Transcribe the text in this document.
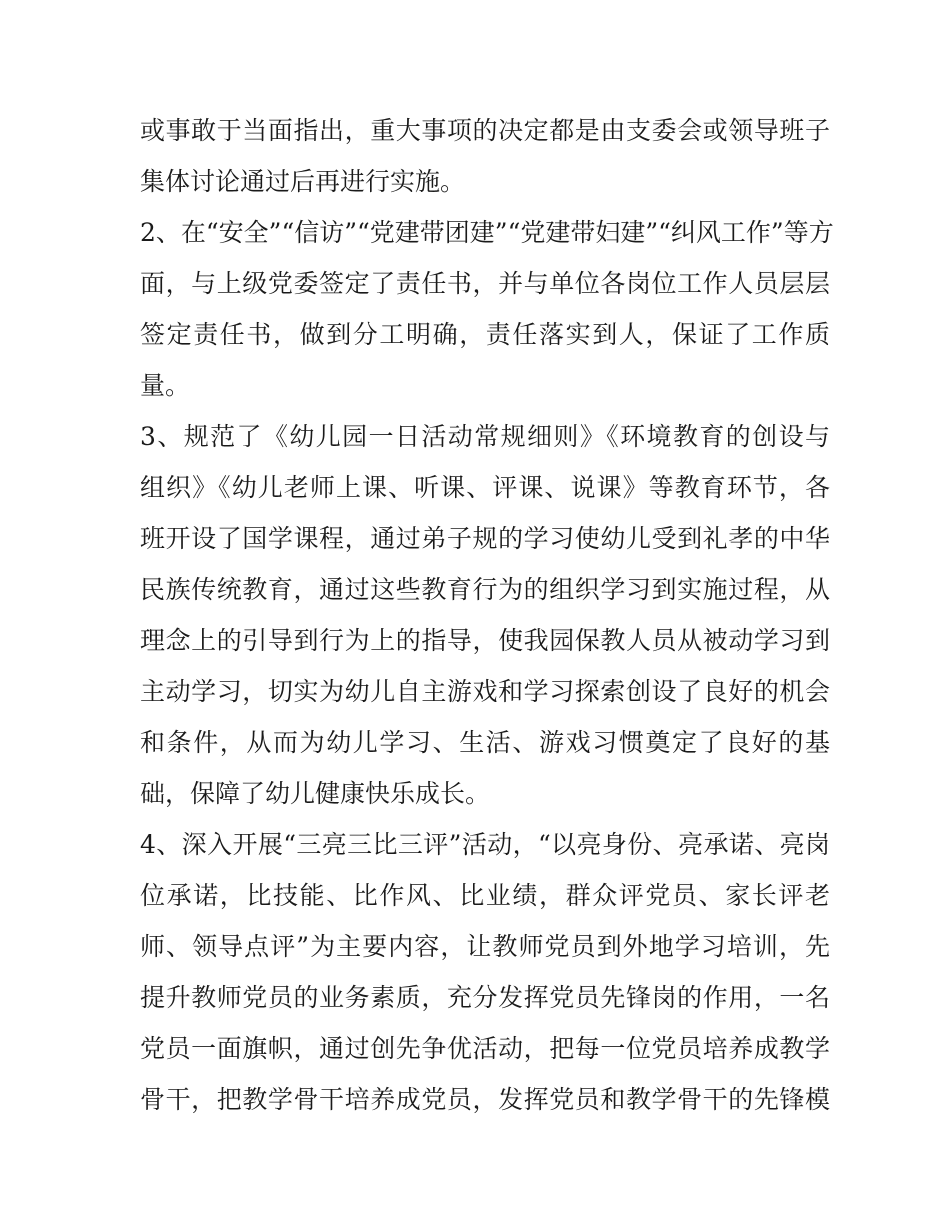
或事敢于当面指出，重大事项的决定都是由支委会或领导班子
集体讨论通过后再进行实施。
2、在“安全”“信访”“党建带团建”“党建带妇建”“纠风工作”等方
面，与上级党委签定了责任书，并与单位各岗位工作人员层层
签定责任书，做到分工明确，责任落实到人，保证了工作质
量。
3、规范了《幼儿园一日活动常规细则》《环境教育的创设与
组织》《幼儿老师上课、听课、评课、说课》等教育环节，各
班开设了国学课程，通过弟子规的学习使幼儿受到礼孝的中华
民族传统教育，通过这些教育行为的组织学习到实施过程，从
理念上的引导到行为上的指导，使我园保教人员从被动学习到
主动学习，切实为幼儿自主游戏和学习探索创设了良好的机会
和条件，从而为幼儿学习、生活、游戏习惯奠定了良好的基
础，保障了幼儿健康快乐成长。
4、深入开展“三亮三比三评”活动，“以亮身份、亮承诺、亮岗
位承诺，比技能、比作风、比业绩，群众评党员、家长评老
师、领导点评”为主要内容，让教师党员到外地学习培训，先
提升教师党员的业务素质，充分发挥党员先锋岗的作用，一名
党员一面旗帜，通过创先争优活动，把每一位党员培养成教学
骨干，把教学骨干培养成党员，发挥党员和教学骨干的先锋模
